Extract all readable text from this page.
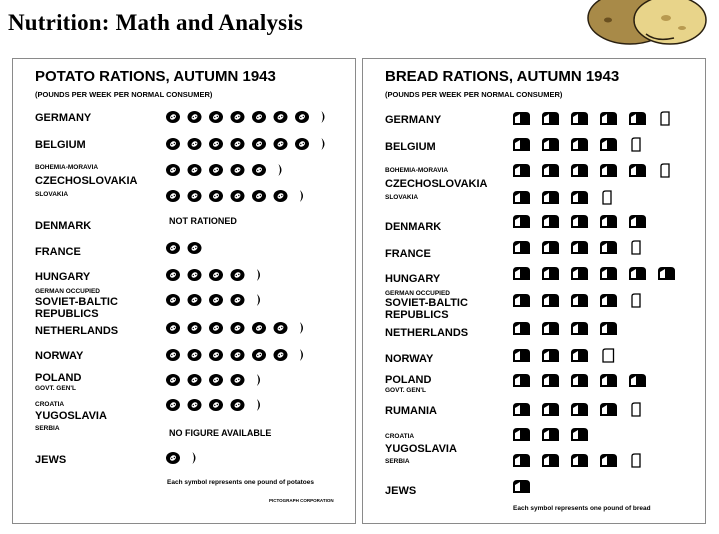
Nutrition: Math and Analysis
POTATO RATIONS, AUTUMN 1943
(POUNDS PER WEEK PER NORMAL CONSUMER)
GERMANY
BELGIUM
BOHEMIA-MORAVIA
CZECHOSLOVAKIA
SLOVAKIA
DENMARK
FRANCE
HUNGARY
GERMAN OCCUPIED
SOVIET-BALTIC
REPUBLICS
NETHERLANDS
NORWAY
POLAND
GOVT. GEN'L
CROATIA
YUGOSLAVIA
SERBIA
JEWS
NOT RATIONED
NO FIGURE AVAILABLE
Each symbol represents one pound of potatoes
PICTOGRAPH CORPORATION
BREAD RATIONS, AUTUMN 1943
(POUNDS PER WEEK PER NORMAL CONSUMER)
GERMANY
BELGIUM
BOHEMIA-MORAVIA
CZECHOSLOVAKIA
SLOVAKIA
DENMARK
FRANCE
HUNGARY
GERMAN OCCUPIED
SOVIET-BALTIC
REPUBLICS
NETHERLANDS
NORWAY
POLAND
GOVT. GEN'L
RUMANIA
CROATIA
YUGOSLAVIA
SERBIA
JEWS
Each symbol represents one pound of bread
